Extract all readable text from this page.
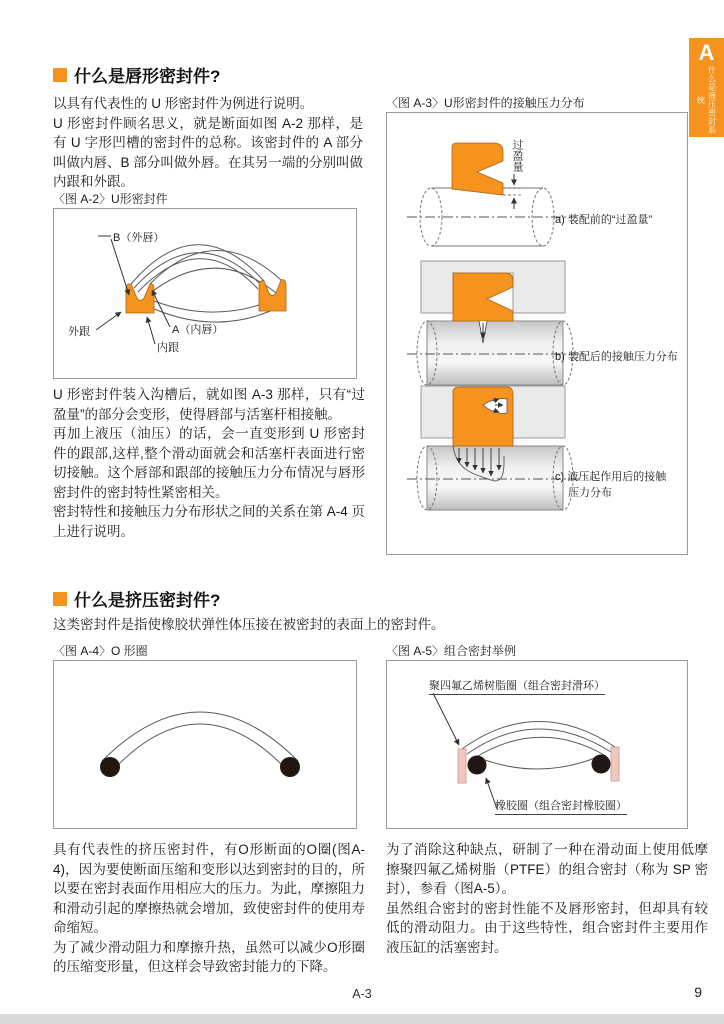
A
什么是液压密封系统
什么是唇形密封件?

以具有代表性的 U 形密封件为例进行说明。

U 形密封件顾名思义，就是断面如图 A-2 那样，是有 U 字形凹槽的密封件的总称。该密封件的 A 部分叫做内唇、B 部分叫做外唇。在其另一端的分别叫做内跟和外跟。

〈图 A-2〉U形密封件
B（外唇）
外跟	A（内唇）
内跟

U 形密封件装入沟槽后，就如图 A-3 那样，只有“过盈量”的部分会变形，使得唇部与活塞杆相接触。

再加上液压（油压）的话，会一直变形到 U 形密封件的跟部,这样,整个滑动面就会和活塞杆表面进行密切接触。这个唇部和跟部的接触压力分布情况与唇形密封件的密封特性紧密相关。

密封特性和接触压力分布形状之间的关系在第 A-4 页上进行说明。

〈图 A-3〉U形密封件的接触压力分布
过盈量
a) 装配前的“过盈量”
b) 装配后的接触压力分布
c) 液压起作用后的接触
压力分布
什么是挤压密封件?

这类密封件是指使橡胶状弹性体压接在被密封的表面上的密封件。

〈图 A-4〉O 形圈	〈图 A-5〉组合密封举例
聚四氟乙烯树脂圈（组合密封滑环）
橡胶圈（组合密封橡胶圈）

具有代表性的挤压密封件，有O形断面的O圈(图A-4)，因为要使断面压缩和变形以达到密封的目的，所以要在密封表面作用相应大的压力。为此，摩擦阻力和滑动引起的摩擦热就会增加，致使密封件的使用寿命缩短。

为了减少滑动阻力和摩擦升热，虽然可以减少O形圈的压缩变形量，但这样会导致密封能力的下降。

为了消除这种缺点，研制了一种在滑动面上使用低摩擦聚四氟乙烯树脂（PTFE）的组合密封（称为 SP 密封），参看（图A-5）。

虽然组合密封的密封性能不及唇形密封，但却具有较低的滑动阻力。由于这些特性，组合密封件主要用作液压缸的活塞密封。

A-3	9
